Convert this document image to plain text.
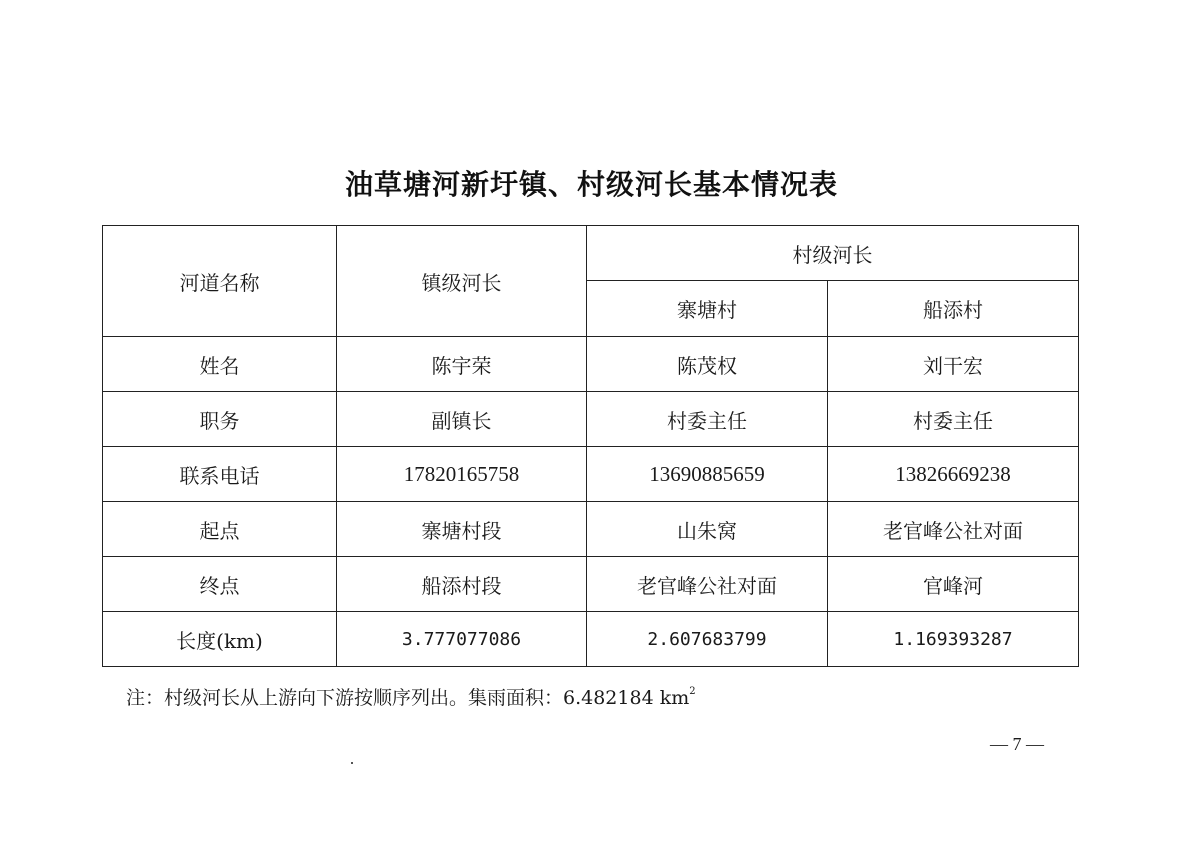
油草塘河新圩镇、村级河长基本情况表
河道名称	镇级河长	村级河长	
		寨塘村	船添村
姓名	陈宇荣	陈茂权	刘干宏
职务	副镇长	村委主任	村委主任
联系电话	17820165758	13690885659	13826669238
起点	寨塘村段	山朱窝	老官峰公社对面
终点	船添村段	老官峰公社对面	官峰河
长度(km)	3.777077086	2.607683799	1.169393287
注：村级河长从上游向下游按顺序列出。集雨面积：6.482184 $km^2$
— 7 —
